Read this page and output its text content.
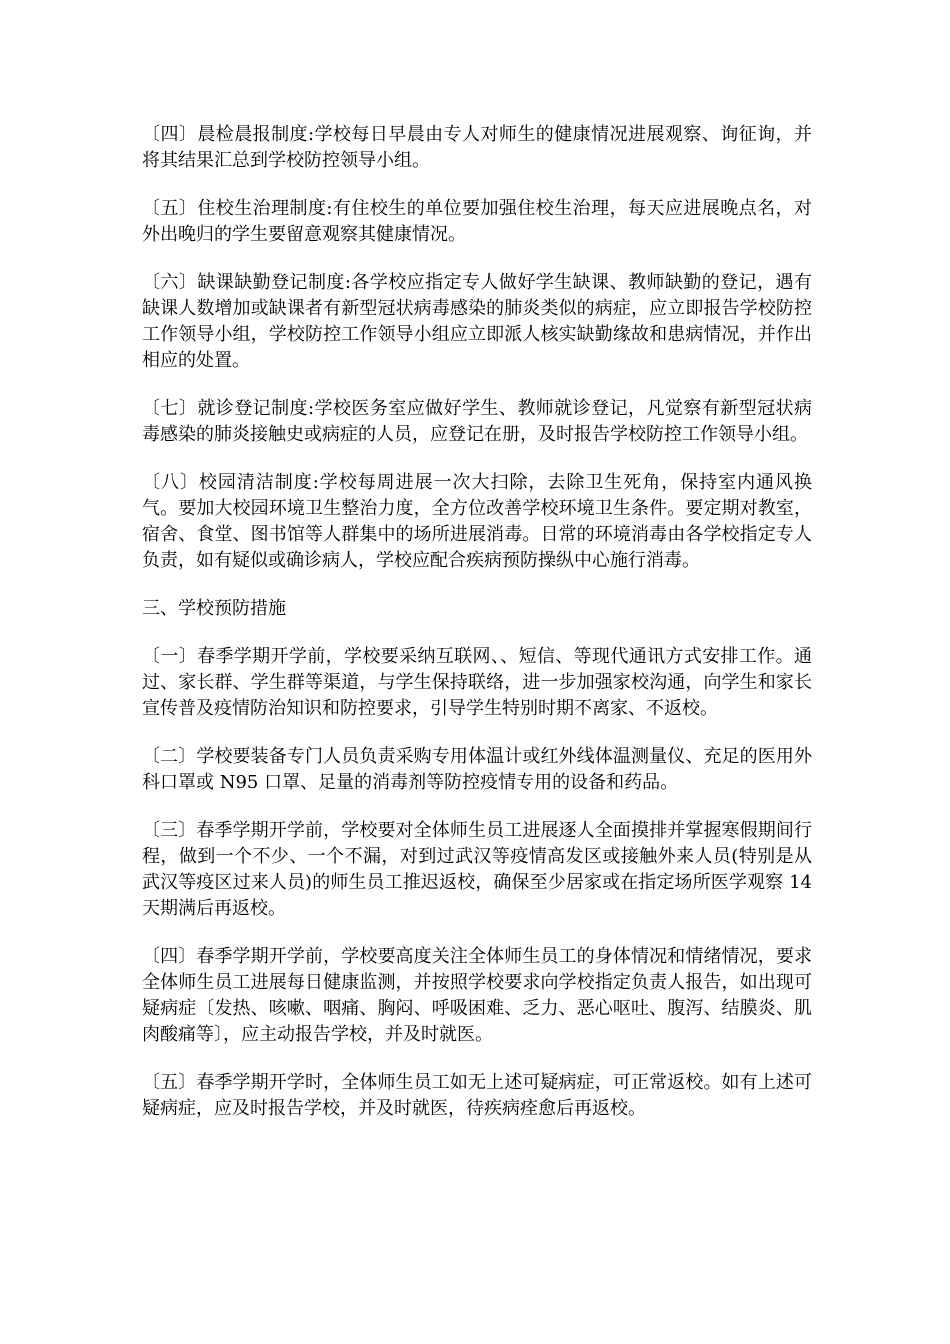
〔四〕晨检晨报制度:学校每日早晨由专人对师生的健康情况进展观察、询征询，并将其结果汇总到学校防控领导小组。

〔五〕住校生治理制度:有住校生的单位要加强住校生治理，每天应进展晚点名，对外出晚归的学生要留意观察其健康情况。

〔六〕缺课缺勤登记制度:各学校应指定专人做好学生缺课、教师缺勤的登记，遇有缺课人数增加或缺课者有新型冠状病毒感染的肺炎类似的病症，应立即报告学校防控工作领导小组，学校防控工作领导小组应立即派人核实缺勤缘故和患病情况，并作出相应的处置。

〔七〕就诊登记制度:学校医务室应做好学生、教师就诊登记，凡觉察有新型冠状病毒感染的肺炎接触史或病症的人员，应登记在册，及时报告学校防控工作领导小组。

〔八〕校园清洁制度:学校每周进展一次大扫除，去除卫生死角，保持室内通风换气。要加大校园环境卫生整治力度，全方位改善学校环境卫生条件。要定期对教室，宿舍、食堂、图书馆等人群集中的场所进展消毒。日常的环境消毒由各学校指定专人负责，如有疑似或确诊病人，学校应配合疾病预防操纵中心施行消毒。

三、学校预防措施

〔一〕春季学期开学前，学校要采纳互联网、、短信、等现代通讯方式安排工作。通过、家长群、学生群等渠道，与学生保持联络，进一步加强家校沟通，向学生和家长宣传普及疫情防治知识和防控要求，引导学生特别时期不离家、不返校。

〔二〕学校要装备专门人员负责采购专用体温计或红外线体温测量仪、充足的医用外科口罩或 N95 口罩、足量的消毒剂等防控疫情专用的设备和药品。

〔三〕春季学期开学前，学校要对全体师生员工进展逐人全面摸排并掌握寒假期间行程，做到一个不少、一个不漏，对到过武汉等疫情高发区或接触外来人员(特别是从武汉等疫区过来人员)的师生员工推迟返校，确保至少居家或在指定场所医学观察 14 天期满后再返校。

〔四〕春季学期开学前，学校要高度关注全体师生员工的身体情况和情绪情况，要求全体师生员工进展每日健康监测，并按照学校要求向学校指定负责人报告，如出现可疑病症〔发热、咳嗽、咽痛、胸闷、呼吸困难、乏力、恶心呕吐、腹泻、结膜炎、肌肉酸痛等〕，应主动报告学校，并及时就医。

〔五〕春季学期开学时，全体师生员工如无上述可疑病症，可正常返校。如有上述可疑病症，应及时报告学校，并及时就医，待疾病痊愈后再返校。
